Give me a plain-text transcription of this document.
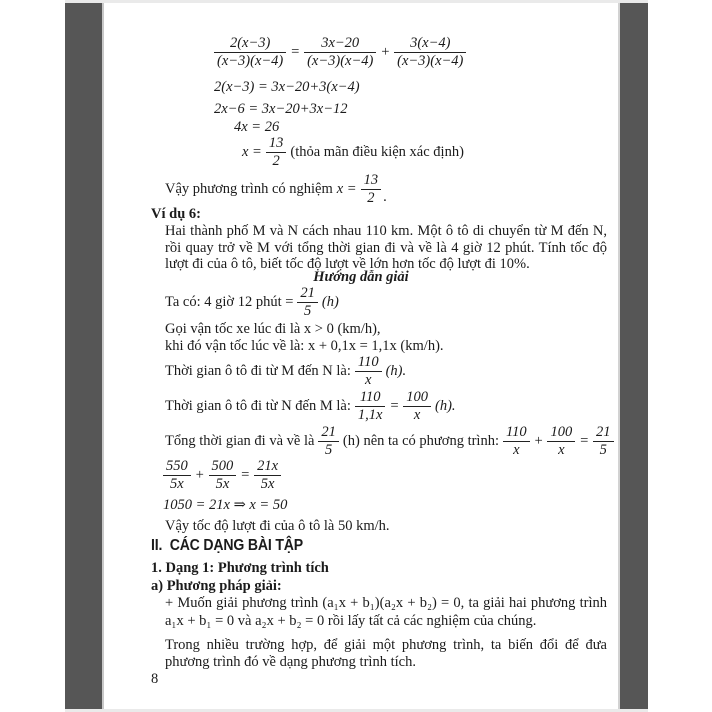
$\frac{2(x-3)}{(x-3)(x-4)} = \frac{3x-20}{(x-3)(x-4)} + \frac{3(x-4)}{(x-3)(x-4)}$
2(x−3) = 3x−20+3(x−4)
2x−6 = 3x−20+3x−12
4x = 26
$x = \frac{13}{2}$ (thỏa mãn điều kiện xác định)
Vậy phương trình có nghiệm $x = \frac{13}{2}$ .
Ví dụ 6:
Hai thành phố M và N cách nhau 110 km. Một ô tô di chuyển từ M đến N, rồi quay trở về M với tổng thời gian đi và về là 4 giờ 12 phút. Tính tốc độ lượt đi của ô tô, biết tốc độ lượt về lớn hơn tốc độ lượt đi 10%.
Hướng dẫn giải
Ta có: 4 giờ 12 phút = $\frac{21}{5} (h)$
Gọi vận tốc xe lúc đi là x > 0 (km/h),
khi đó vận tốc lúc về là: x + 0,1x = 1,1x (km/h).
Thời gian ô tô đi từ M đến N là: $\frac{110}{x} (h)$.
Thời gian ô tô đi từ N đến M là: $\frac{110}{1,1x} = \frac{100}{x} (h)$.
Tổng thời gian đi và về là $\frac{21}{5} (h)$ nên ta có phương trình: $\frac{110}{x} + \frac{100}{x} = \frac{21}{5}$
$\frac{550}{5x} + \frac{500}{5x} = \frac{21x}{5x}$
1050 = 21x ⇒ x = 50
Vậy tốc độ lượt đi của ô tô là 50 km/h.
II. CÁC DẠNG BÀI TẬP
1. Dạng 1: Phương trình tích
a) Phương pháp giải:
+ Muốn giải phương trình (a₁x + b₁)(a₂x + b₂) = 0, ta giải hai phương trình a₁x + b₁ = 0 và a₂x + b₂ = 0 rồi lấy tất cả các nghiệm của chúng.
Trong nhiều trường hợp, để giải một phương trình, ta biến đổi để đưa phương trình đó về dạng phương trình tích.
8
